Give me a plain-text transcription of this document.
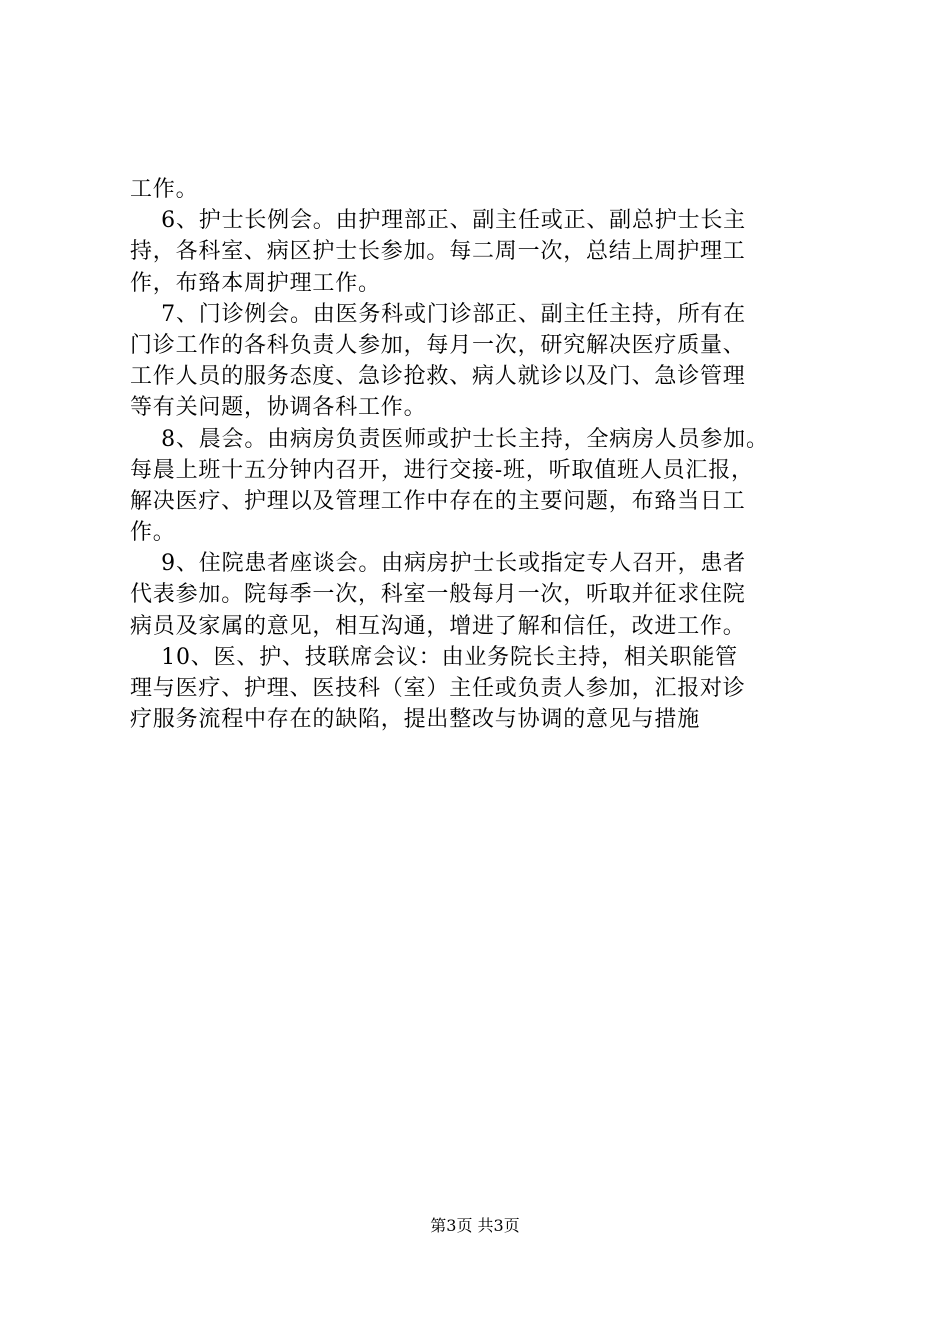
工作。
6、护士长例会。由护理部正、副主任或正、副总护士长主
持，各科室、病区护士长参加。每二周一次，总结上周护理工
作，布臵本周护理工作。
7、门诊例会。由医务科或门诊部正、副主任主持，所有在
门诊工作的各科负责人参加，每月一次，研究解决医疗质量、
工作人员的服务态度、急诊抢救、病人就诊以及门、急诊管理
等有关问题，协调各科工作。
8、晨会。由病房负责医师或护士长主持，全病房人员参加。
每晨上班十五分钟内召开，进行交接-班，听取值班人员汇报，
解决医疗、护理以及管理工作中存在的主要问题，布臵当日工
作。
9、住院患者座谈会。由病房护士长或指定专人召开，患者
代表参加。院每季一次，科室一般每月一次，听取并征求住院
病员及家属的意见，相互沟通，增进了解和信任，改进工作。
10、医、护、技联席会议：由业务院长主持，相关职能管
理与医疗、护理、医技科（室）主任或负责人参加，汇报对诊
疗服务流程中存在的缺陷，提出整改与协调的意见与措施
第3页 共3页
